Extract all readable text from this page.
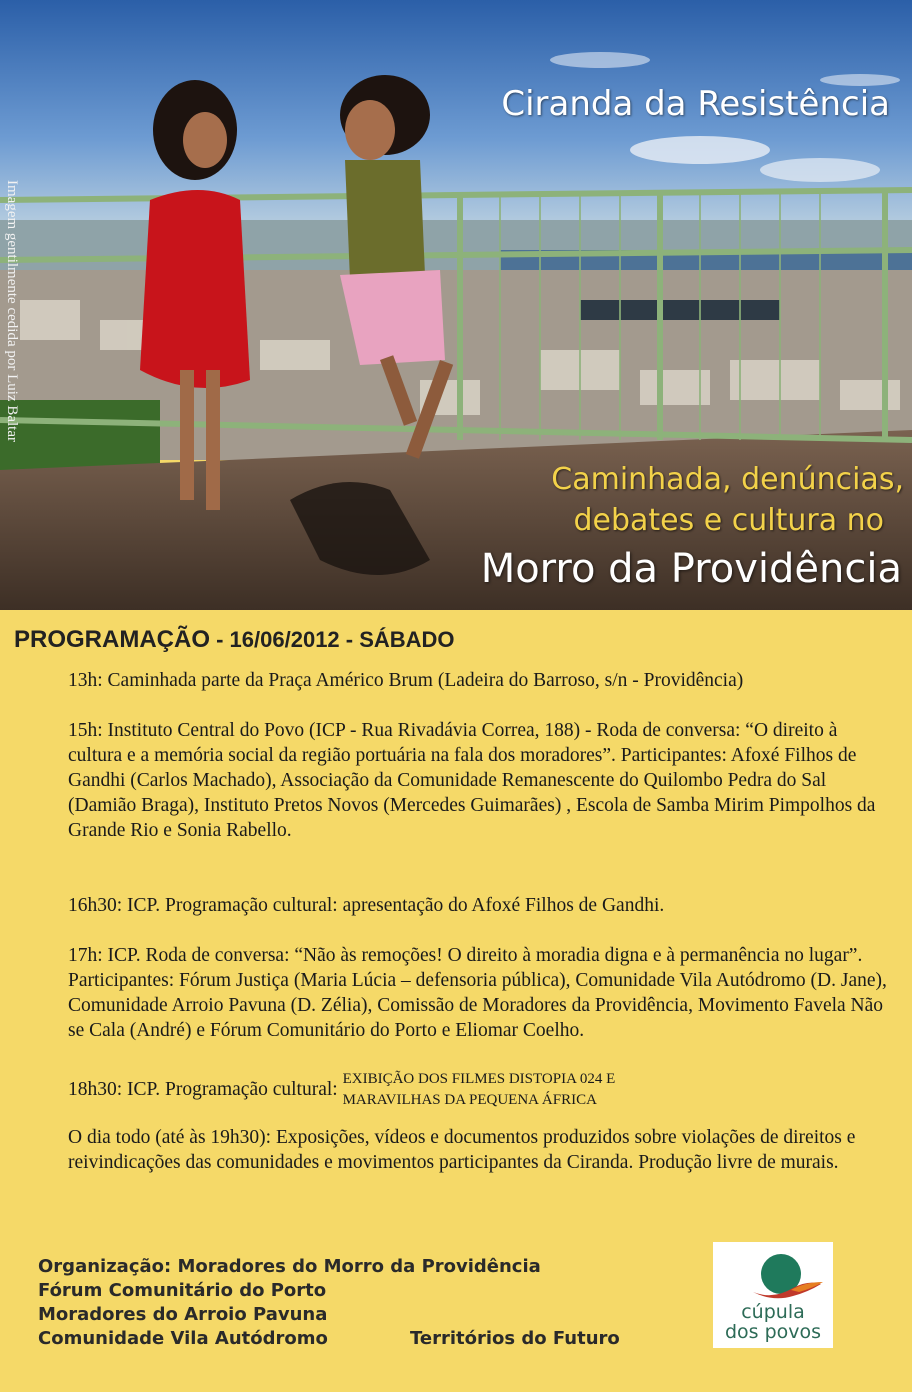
Imagem gentilmente cedida por Luiz Baltar
Ciranda da Resistência
Caminhada, denúncias,
debates e cultura no
Morro da Providência
PROGRAMAÇÃO - 16/06/2012 - SÁBADO

13h: Caminhada parte da Praça Américo Brum (Ladeira do Barroso, s/n - Providência)

15h: Instituto Central do Povo (ICP - Rua Rivadávia Correa, 188) - Roda de conversa: “O direito à cultura e a memória social da região portuária na fala dos moradores”. Participantes: Afoxé Filhos de Gandhi (Carlos Machado), Associação da Comunidade Remanescente do Quilombo Pedra do Sal (Damião Braga), Instituto Pretos Novos (Mercedes Guimarães) , Escola de Samba Mirim Pimpolhos da Grande Rio e Sonia Rabello.

16h30: ICP. Programação cultural: apresentação do Afoxé Filhos de Gandhi.

17h: ICP. Roda de conversa: “Não às remoções! O direito à moradia digna e à permanência no lugar”. Participantes: Fórum Justiça (Maria Lúcia – defensoria pública), Comunidade Vila Autódromo (D. Jane), Comunidade Arroio Pavuna (D. Zélia), Comissão de Moradores da Providência, Movimento Favela Não se Cala (André) e Fórum Comunitário do Porto e Eliomar Coelho.

18h30: ICP. Programação cultural: EXIBIÇÃO DOS FILMES DISTOPIA 024 E
MARAVILHAS DA PEQUENA ÁFRICA

O dia todo (até às 19h30): Exposições, vídeos e documentos produzidos sobre violações de direitos e reivindicações das comunidades e movimentos participantes da Ciranda. Produção livre de murais.

Organização: Moradores do Morro da Providência
Fórum Comunitário do Porto
Moradores do Arroio Pavuna
Comunidade Vila Autódromo	Territórios do Futuro
cúpula
dos povos
